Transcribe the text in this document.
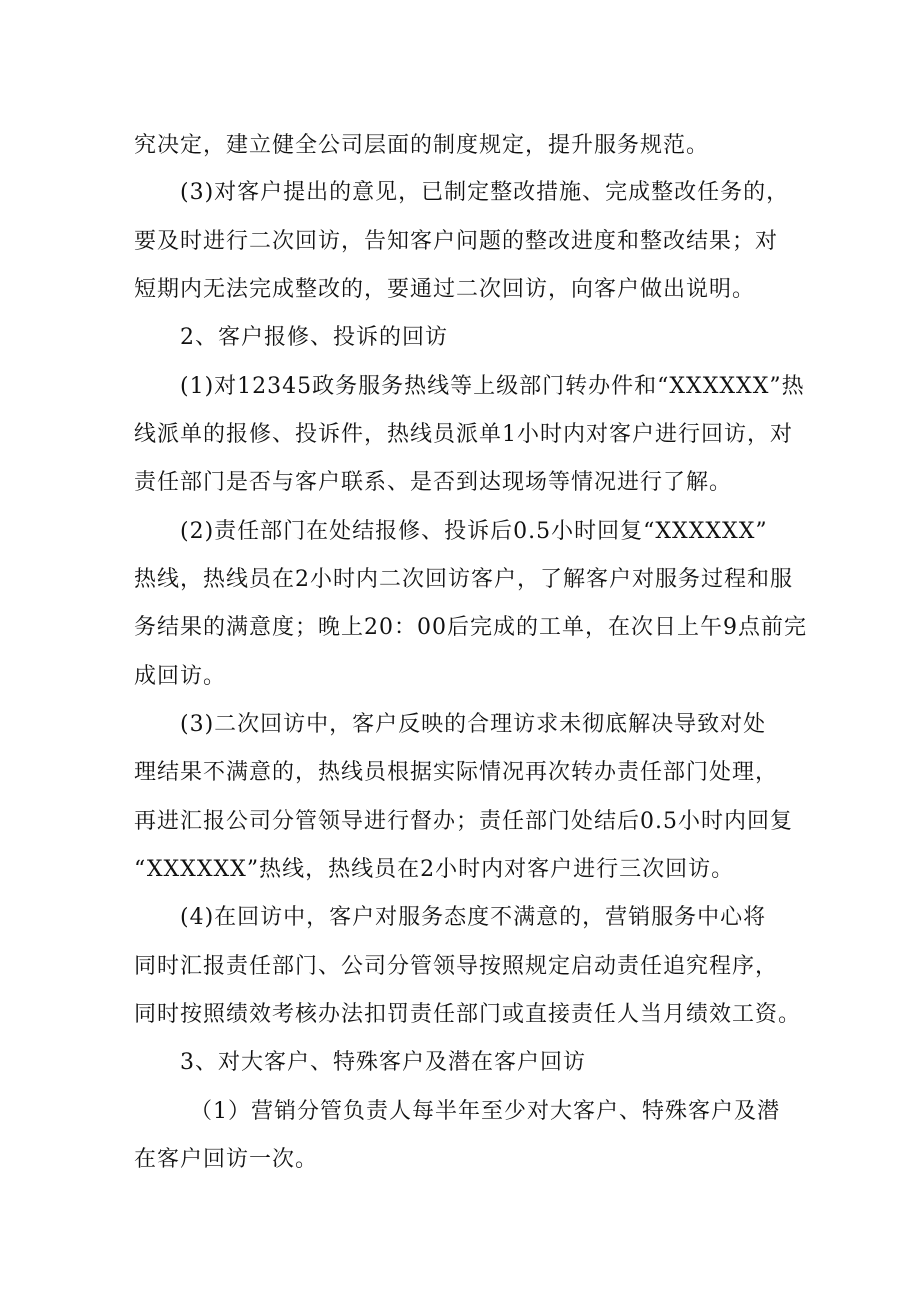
究决定，建立健全公司层面的制度规定，提升服务规范。
(3)对客户提出的意见，已制定整改措施、完成整改任务的，
要及时进行二次回访，告知客户问题的整改进度和整改结果；对
短期内无法完成整改的，要通过二次回访，向客户做出说明。
2、客户报修、投诉的回访
(1)对12345政务服务热线等上级部门转办件和“XXXXXX”热
线派单的报修、投诉件，热线员派单1小时内对客户进行回访，对
责任部门是否与客户联系、是否到达现场等情况进行了解。
(2)责任部门在处结报修、投诉后0.5小时回复“XXXXXX”
热线，热线员在2小时内二次回访客户，了解客户对服务过程和服
务结果的满意度；晚上20：00后完成的工单，在次日上午9点前完
成回访。
(3)二次回访中，客户反映的合理访求未彻底解决导致对处
理结果不满意的，热线员根据实际情况再次转办责任部门处理，
再进汇报公司分管领导进行督办；责任部门处结后0.5小时内回复
“XXXXXX”热线，热线员在2小时内对客户进行三次回访。
(4)在回访中，客户对服务态度不满意的，营销服务中心将
同时汇报责任部门、公司分管领导按照规定启动责任追究程序，
同时按照绩效考核办法扣罚责任部门或直接责任人当月绩效工资。
3、对大客户、特殊客户及潜在客户回访
（1）营销分管负责人每半年至少对大客户、特殊客户及潜
在客户回访一次。
